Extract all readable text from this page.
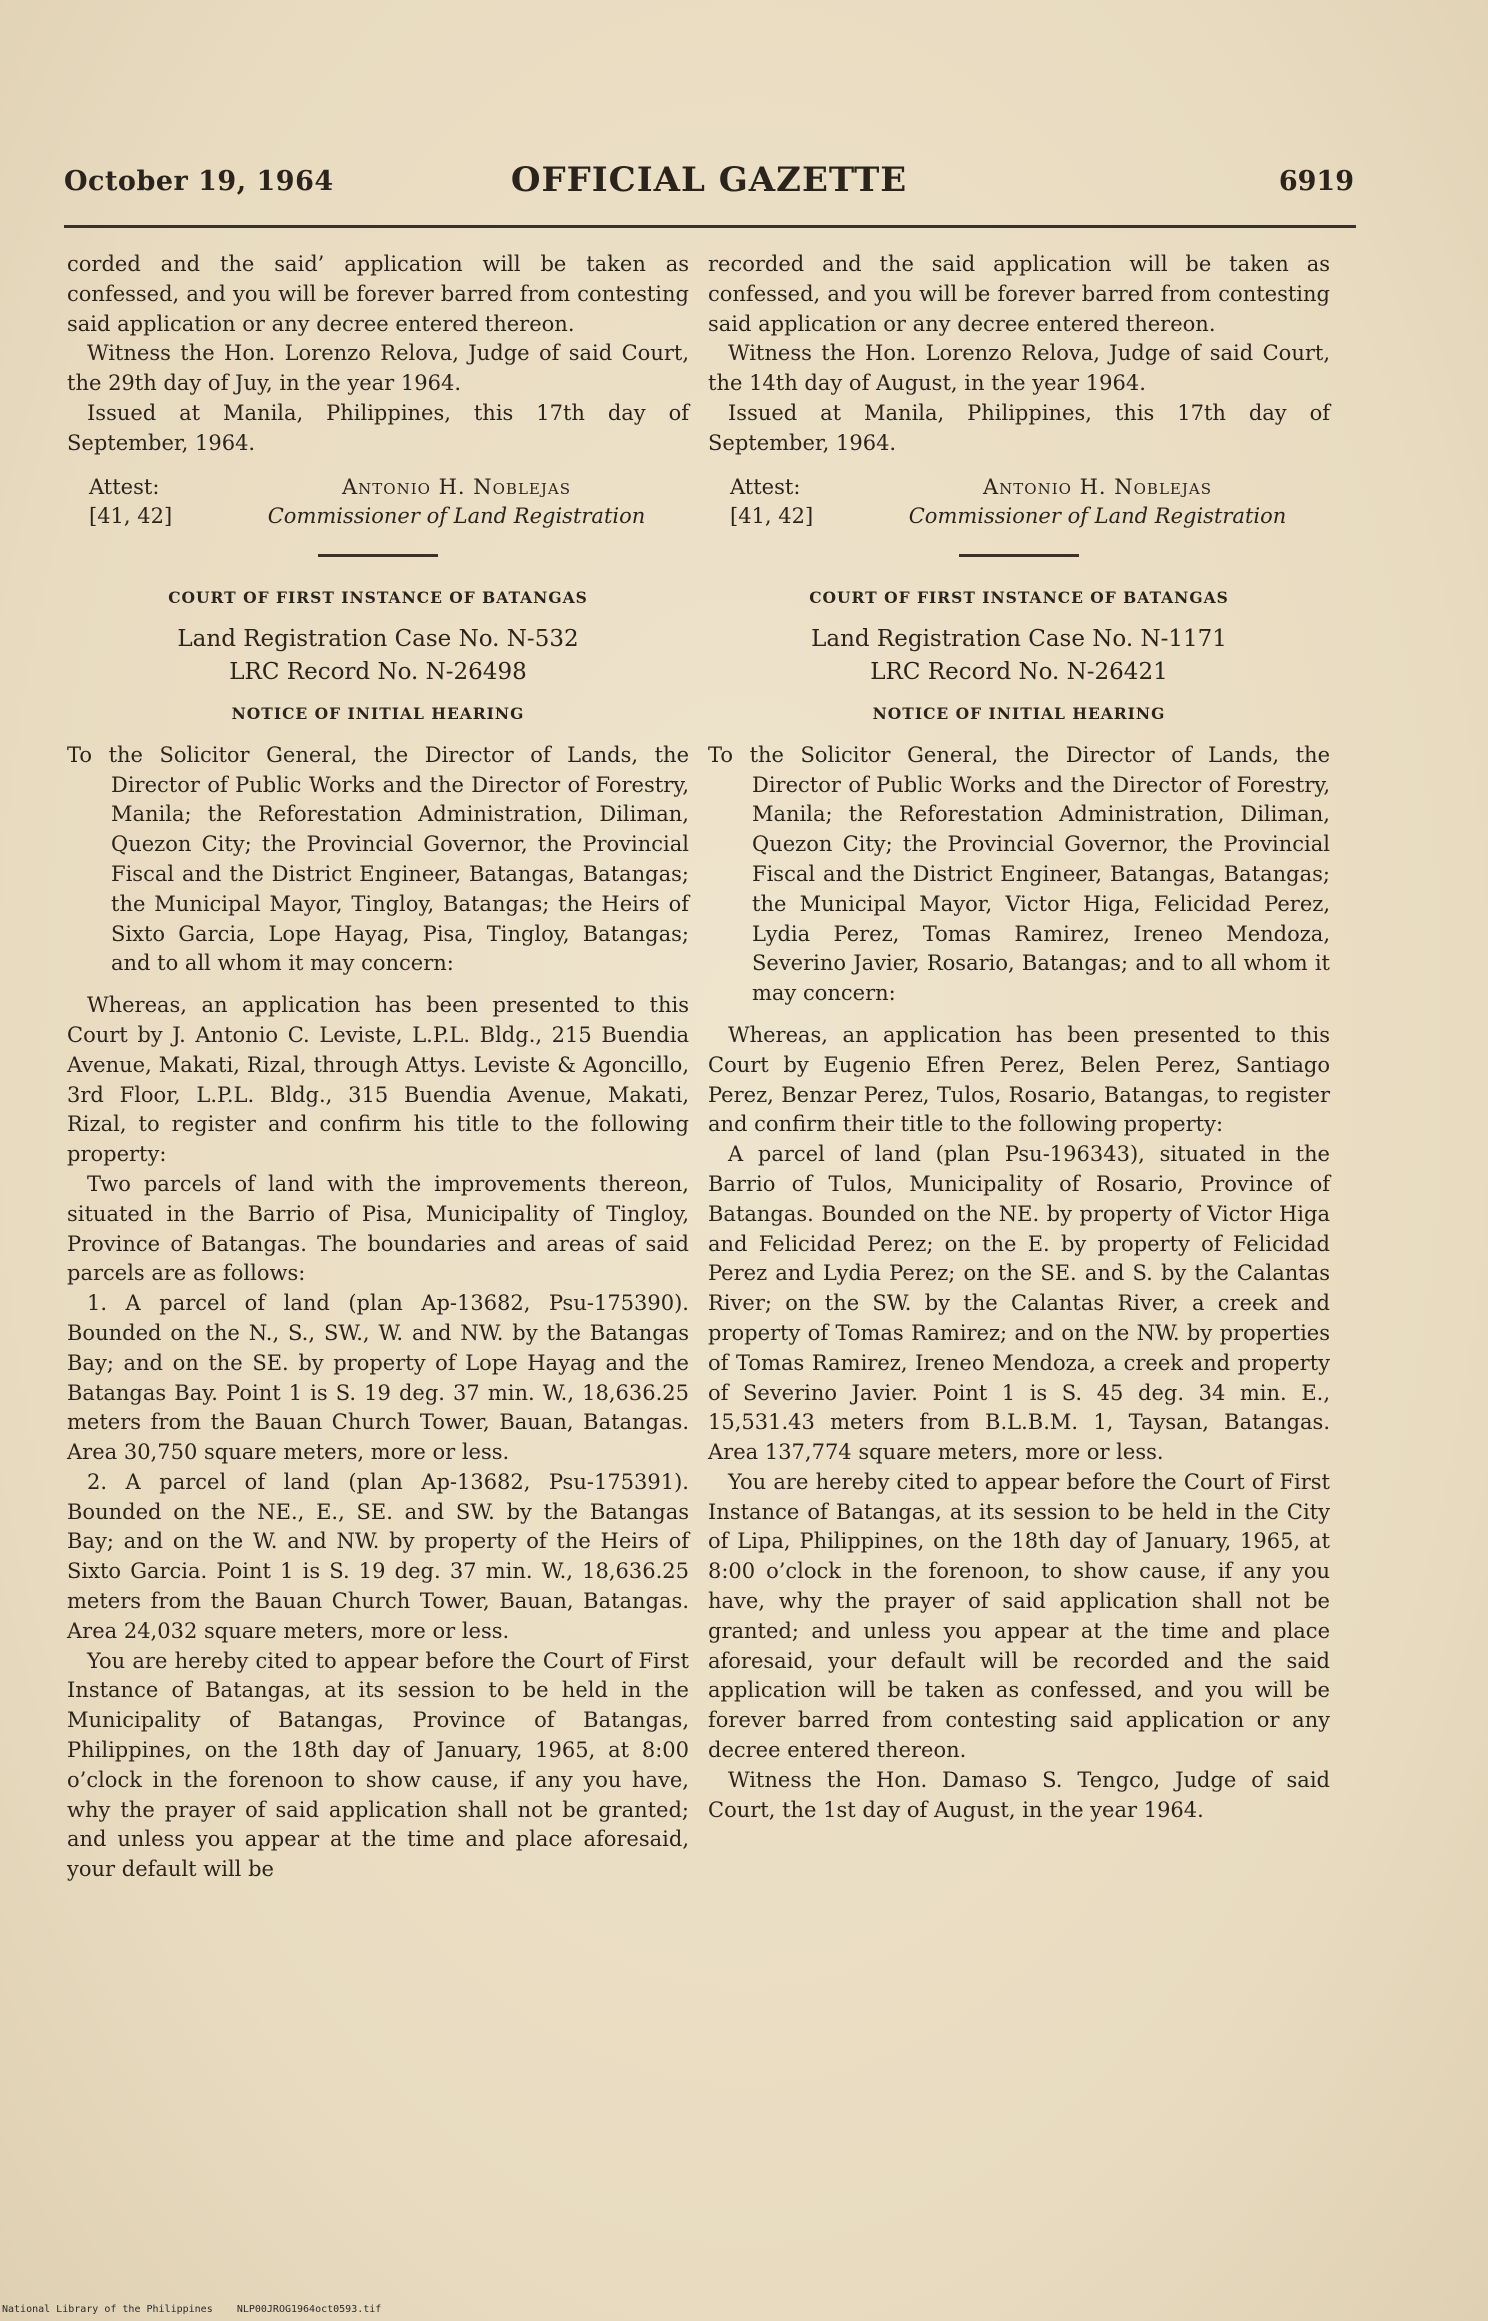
October 19, 1964	OFFICIAL GAZETTE	6919

corded and the said’ application will be taken as confessed, and you will be forever barred from contesting said application or any decree entered thereon.

Witness the Hon. Lorenzo Relova, Judge of said Court, the 29th day of Juy, in the year 1964.

Issued at Manila, Philippines, this 17th day of September, 1964.

Attest:
[41, 42]
Antonio H. Noblejas
Commissioner of Land Registration
COURT OF FIRST INSTANCE OF BATANGAS
Land Registration Case No. N-532
LRC Record No. N-26498
NOTICE OF INITIAL HEARING

To the Solicitor General, the Director of Lands, the Director of Public Works and the Director of Forestry, Manila; the Reforestation Administration, Diliman, Quezon City; the Provincial Governor, the Provincial Fiscal and the District Engineer, Batangas, Batangas; the Municipal Mayor, Tingloy, Batangas; the Heirs of Sixto Garcia, Lope Hayag, Pisa, Tingloy, Batangas; and to all whom it may concern:

Whereas, an application has been presented to this Court by J. Antonio C. Leviste, L.P.L. Bldg., 215 Buendia Avenue, Makati, Rizal, through Attys. Leviste & Agoncillo, 3rd Floor, L.P.L. Bldg., 315 Buendia Avenue, Makati, Rizal, to register and confirm his title to the following property:

Two parcels of land with the improvements thereon, situated in the Barrio of Pisa, Municipality of Tingloy, Province of Batangas. The boundaries and areas of said parcels are as follows:

1. A parcel of land (plan Ap-13682, Psu-175390). Bounded on the N., S., SW., W. and NW. by the Batangas Bay; and on the SE. by property of Lope Hayag and the Batangas Bay. Point 1 is S. 19 deg. 37 min. W., 18,636.25 meters from the Bauan Church Tower, Bauan, Batangas. Area 30,750 square meters, more or less.

2. A parcel of land (plan Ap-13682, Psu-175391). Bounded on the NE., E., SE. and SW. by the Batangas Bay; and on the W. and NW. by property of the Heirs of Sixto Garcia. Point 1 is S. 19 deg. 37 min. W., 18,636.25 meters from the Bauan Church Tower, Bauan, Batangas. Area 24,032 square meters, more or less.

You are hereby cited to appear before the Court of First Instance of Batangas, at its session to be held in the Municipality of Batangas, Province of Batangas, Philippines, on the 18th day of January, 1965, at 8:00 o’clock in the forenoon to show cause, if any you have, why the prayer of said application shall not be granted; and unless you appear at the time and place aforesaid, your default will be

recorded and the said application will be taken as confessed, and you will be forever barred from contesting said application or any decree entered thereon.

Witness the Hon. Lorenzo Relova, Judge of said Court, the 14th day of August, in the year 1964.

Issued at Manila, Philippines, this 17th day of September, 1964.

Attest:
[41, 42]
Antonio H. Noblejas
Commissioner of Land Registration
COURT OF FIRST INSTANCE OF BATANGAS
Land Registration Case No. N-1171
LRC Record No. N-26421
NOTICE OF INITIAL HEARING

To the Solicitor General, the Director of Lands, the Director of Public Works and the Director of Forestry, Manila; the Reforestation Administration, Diliman, Quezon City; the Provincial Governor, the Provincial Fiscal and the District Engineer, Batangas, Batangas; the Municipal Mayor, Victor Higa, Felicidad Perez, Lydia Perez, Tomas Ramirez, Ireneo Mendoza, Severino Javier, Rosario, Batangas; and to all whom it may concern:

Whereas, an application has been presented to this Court by Eugenio Efren Perez, Belen Perez, Santiago Perez, Benzar Perez, Tulos, Rosario, Batangas, to register and confirm their title to the following property:

A parcel of land (plan Psu-196343), situated in the Barrio of Tulos, Municipality of Rosario, Province of Batangas. Bounded on the NE. by property of Victor Higa and Felicidad Perez; on the E. by property of Felicidad Perez and Lydia Perez; on the SE. and S. by the Calantas River; on the SW. by the Calantas River, a creek and property of Tomas Ramirez; and on the NW. by properties of Tomas Ramirez, Ireneo Mendoza, a creek and property of Severino Javier. Point 1 is S. 45 deg. 34 min. E., 15,531.43 meters from B.L.B.M. 1, Taysan, Batangas. Area 137,774 square meters, more or less.

You are hereby cited to appear before the Court of First Instance of Batangas, at its session to be held in the City of Lipa, Philippines, on the 18th day of January, 1965, at 8:00 o’clock in the forenoon, to show cause, if any you have, why the prayer of said application shall not be granted; and unless you appear at the time and place aforesaid, your default will be recorded and the said application will be taken as confessed, and you will be forever barred from contesting said application or any decree entered thereon.

Witness the Hon. Damaso S. Tengco, Judge of said Court, the 1st day of August, in the year 1964.

National Library of the Philippines NLP00JROG1964oct0593.tif
